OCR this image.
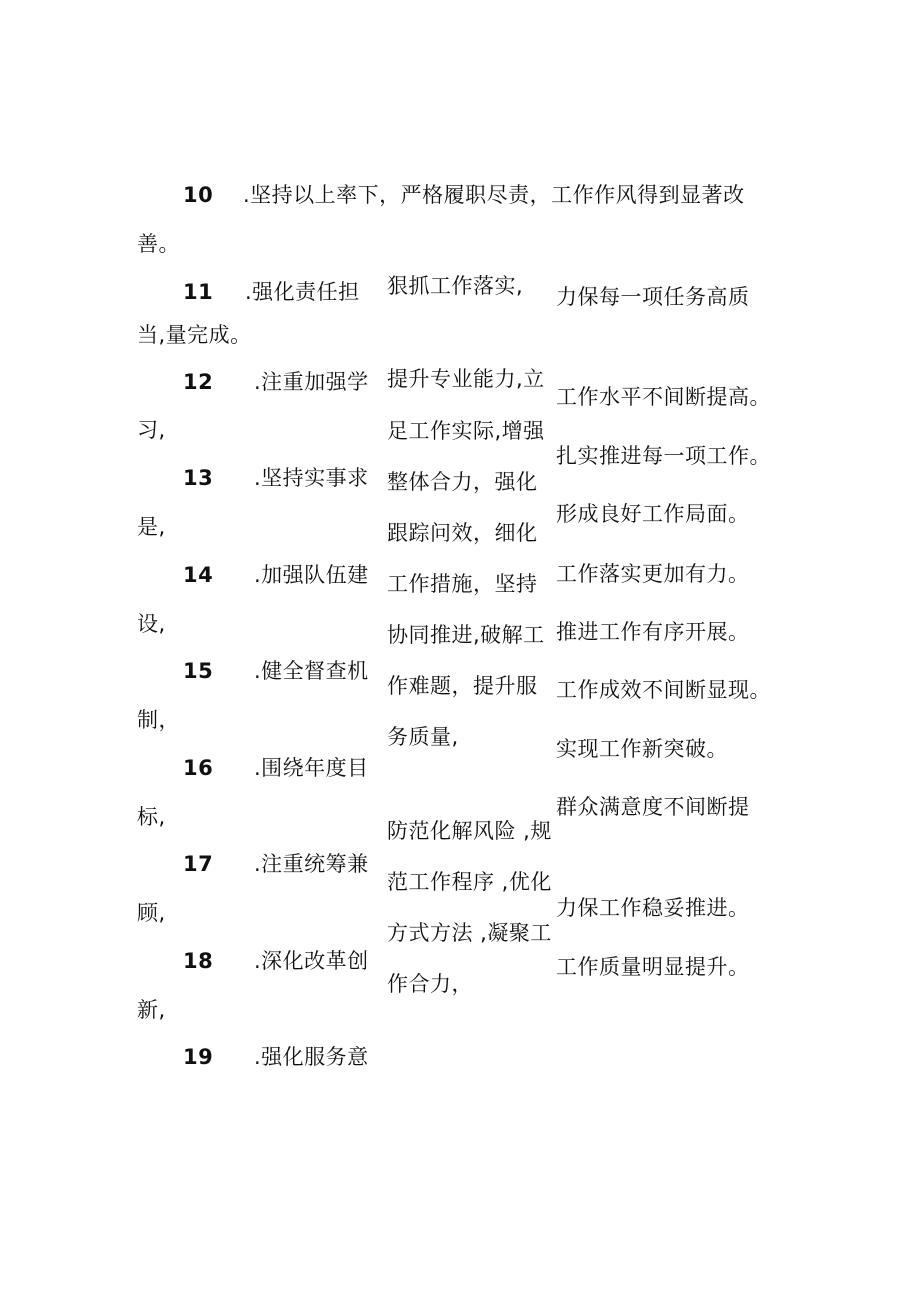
10 .坚持以上率下，严格履职尽责，工作作风得到显著改
善。
11 .强化责任担
当,量完成。
12 .注重加强学
习,
13 .坚持实事求
是,
14 .加强队伍建
设,
15 .健全督查机
制，
16 .围绕年度目
标,
17 .注重统筹兼
顾,
18 .深化改革创
新,
狠抓工作落实,
提升专业能力,立
足工作实际,增强
整体合力，强化
跟踪问效，细化
工作措施，坚持
协同推进,破解工
作难题，提升服
务质量,
防范化解风险 ,规
范工作程序 ,优化
方式方法 ,凝聚工
作合力，
力保每一项任务高质
工作水平不间断提高。
扎实推进每一项工作。
形成良好工作局面。
工作落实更加有力。
推进工作有序开展。
工作成效不间断显现。
实现工作新突破。
群众满意度不间断提
力保工作稳妥推进。
工作质量明显提升。
19 .强化服务意
